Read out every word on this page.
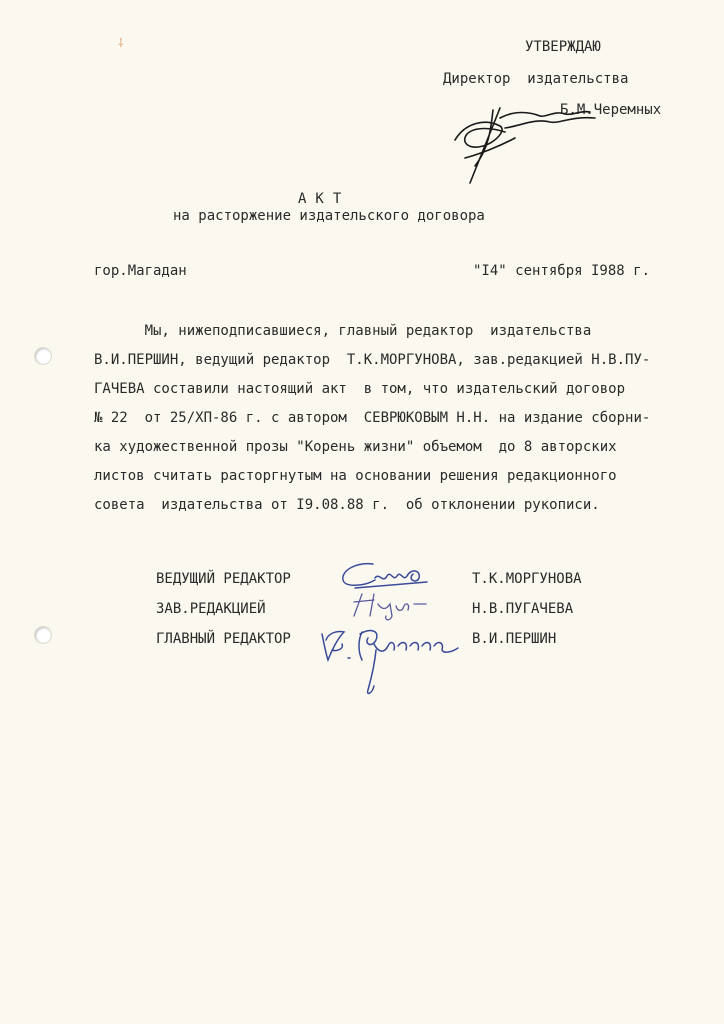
⸸	УТВЕРЖДАЮ
Директор  издательства
Б.М.Черемных
АКТ
на расторжение издательского договора
гор.Магадан	"I4" сентября I988 г.
Мы, нижеподписавшиеся, главный редактор  издательства
В.И.ПЕРШИН, ведущий редактор  Т.К.МОРГУНОВА, зав.редакцией Н.В.ПУ-
ГАЧЕВА составили настоящий акт  в том, что издательский договор
№ 22  от 25/ХП-86 г. с автором  СЕВРЮКОВЫМ Н.Н. на издание сборни-
ка художественной прозы "Корень жизни" объемом  до 8 авторских
листов считать расторгнутым на основании решения редакционного
совета  издательства от I9.08.88 г.  об отклонении рукописи.
ВЕДУЩИЙ РЕДАКТОР	Т.К.МОРГУНОВА
ЗАВ.РЕДАКЦИЕЙ	Н.В.ПУГАЧЕВА
ГЛАВНЫЙ РЕДАКТОР	В.И.ПЕРШИН
